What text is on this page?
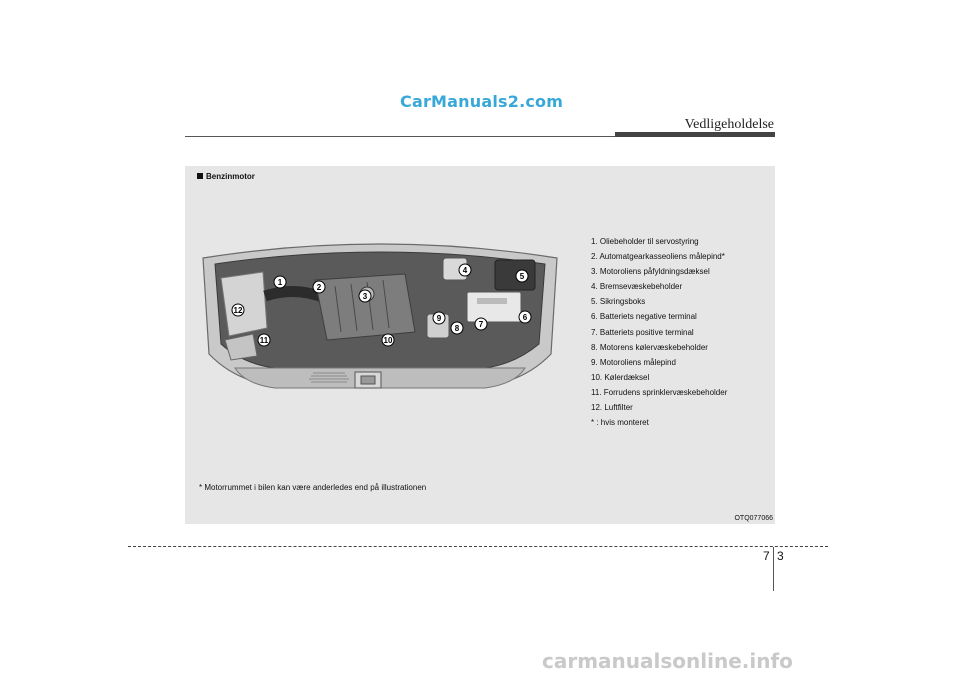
CarManuals2.com
Vedligeholdelse
Benzinmotor
1
2
3
4
5
6
7
8
9
10
11
12
1. Oliebeholder til servostyring
2. Automatgearkasseoliens målepind*
3. Motoroliens påfyldningsdæksel
4. Bremsevæskebeholder
5. Sikringsboks
6. Batteriets negative terminal
7. Batteriets positive terminal
8. Motorens kølervæskebeholder
9. Motoroliens målepind
10. Kølerdæksel
11. Forrudens sprinklervæskebeholder
12. Luftfilter
* : hvis monteret
* Motorrummet i bilen kan være anderledes end på illustrationen
OTQ077066
7 3
carmanualsonline.info
